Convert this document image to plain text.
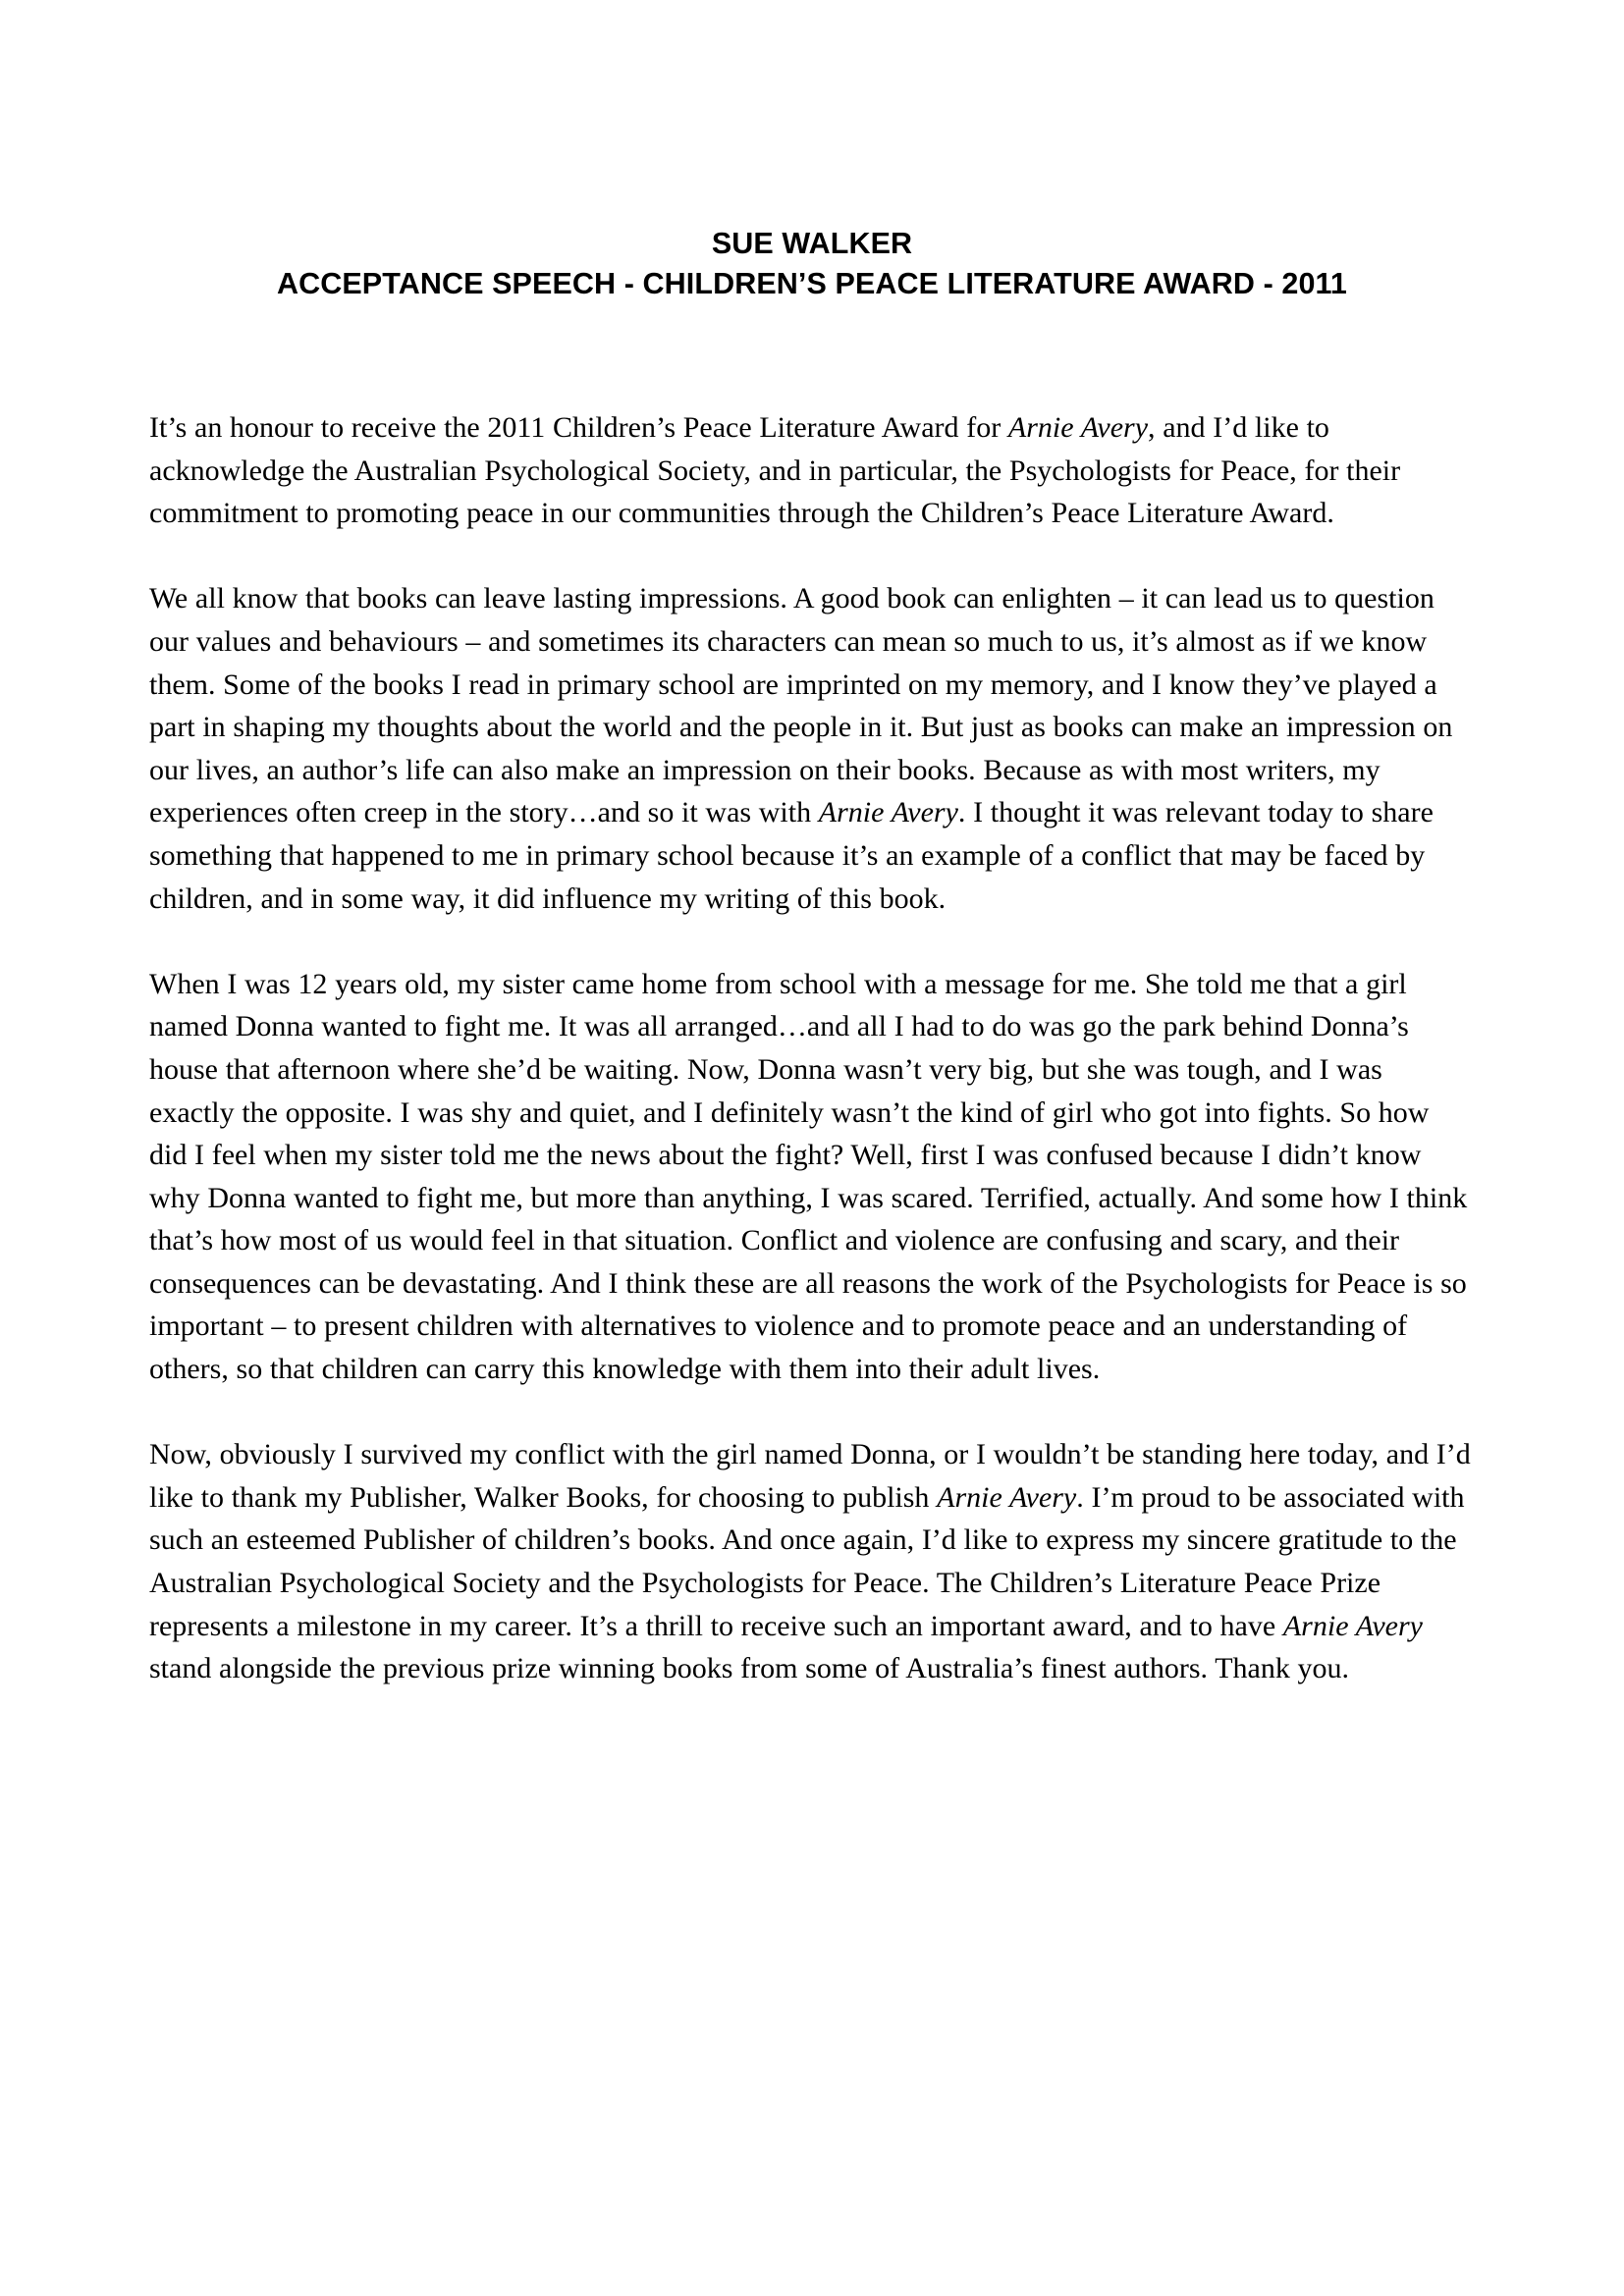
SUE WALKER
ACCEPTANCE SPEECH - CHILDREN’S PEACE LITERATURE AWARD - 2011

It’s an honour to receive the 2011 Children’s Peace Literature Award for Arnie Avery, and I’d like to acknowledge the Australian Psychological Society, and in particular, the Psychologists for Peace, for their commitment to promoting peace in our communities through the Children’s Peace Literature Award.

We all know that books can leave lasting impressions. A good book can enlighten – it can lead us to question our values and behaviours – and sometimes its characters can mean so much to us, it’s almost as if we know them. Some of the books I read in primary school are imprinted on my memory, and I know they’ve played a part in shaping my thoughts about the world and the people in it. But just as books can make an impression on our lives, an author’s life can also make an impression on their books. Because as with most writers, my experiences often creep in the story…and so it was with Arnie Avery. I thought it was relevant today to share something that happened to me in primary school because it’s an example of a conflict that may be faced by children, and in some way, it did influence my writing of this book.

When I was 12 years old, my sister came home from school with a message for me. She told me that a girl named Donna wanted to fight me. It was all arranged…and all I had to do was go the park behind Donna’s house that afternoon where she’d be waiting. Now, Donna wasn’t very big, but she was tough, and I was exactly the opposite. I was shy and quiet, and I definitely wasn’t the kind of girl who got into fights. So how did I feel when my sister told me the news about the fight? Well, first I was confused because I didn’t know why Donna wanted to fight me, but more than anything, I was scared. Terrified, actually. And some how I think that’s how most of us would feel in that situation. Conflict and violence are confusing and scary, and their consequences can be devastating. And I think these are all reasons the work of the Psychologists for Peace is so important – to present children with alternatives to violence and to promote peace and an understanding of others, so that children can carry this knowledge with them into their adult lives.

Now, obviously I survived my conflict with the girl named Donna, or I wouldn’t be standing here today, and I’d like to thank my Publisher, Walker Books, for choosing to publish Arnie Avery. I’m proud to be associated with such an esteemed Publisher of children’s books. And once again, I’d like to express my sincere gratitude to the Australian Psychological Society and the Psychologists for Peace. The Children’s Literature Peace Prize represents a milestone in my career. It’s a thrill to receive such an important award, and to have Arnie Avery stand alongside the previous prize winning books from some of Australia’s finest authors. Thank you.
